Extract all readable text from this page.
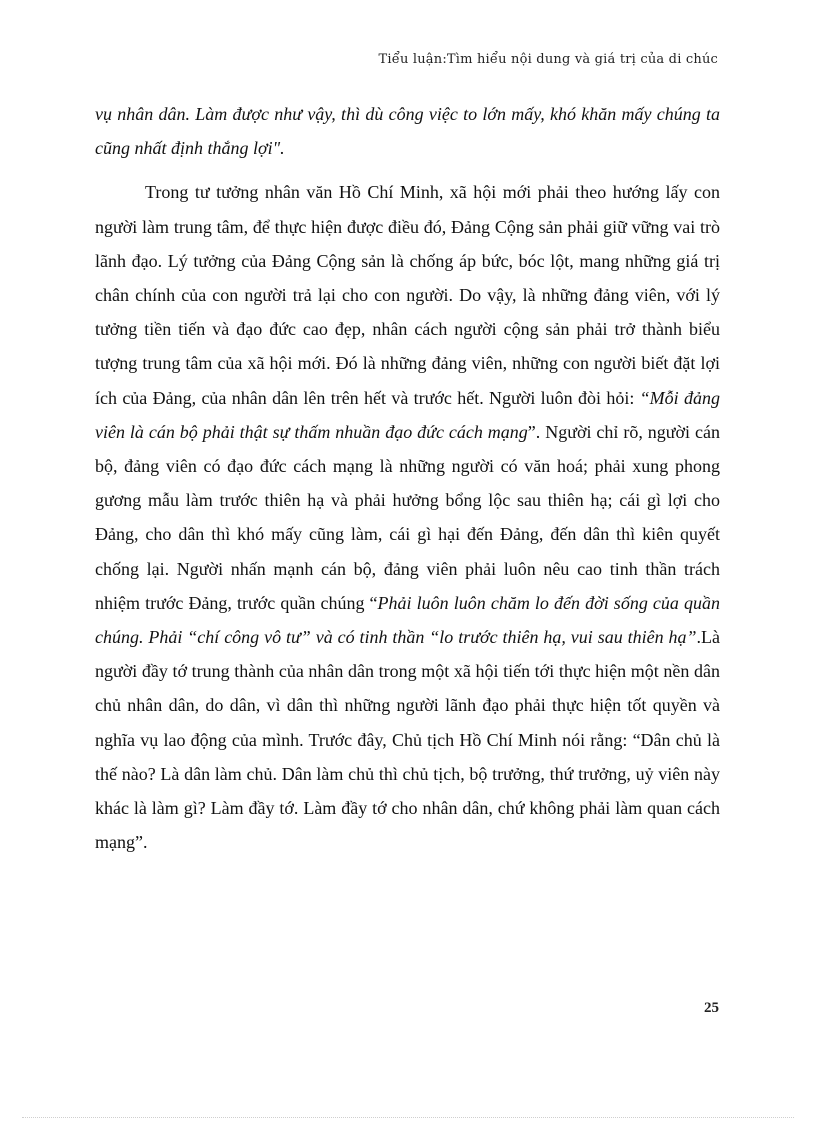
Tiểu luận:Tìm hiểu nội dung và giá trị của di chúc

vụ nhân dân. Làm được như vậy, thì dù công việc to lớn mấy, khó khăn mấy chúng ta cũng nhất định thắng lợi".

Trong tư tưởng nhân văn Hồ Chí Minh, xã hội mới phải theo hướng lấy con người làm trung tâm, để thực hiện được điều đó, Đảng Cộng sản phải giữ vững vai trò lãnh đạo. Lý tưởng của Đảng Cộng sản là chống áp bức, bóc lột, mang những giá trị chân chính của con người trả lại cho con người. Do vậy, là những đảng viên, với lý tưởng tiền tiến và đạo đức cao đẹp, nhân cách người cộng sản phải trở thành biểu tượng trung tâm của xã hội mới. Đó là những đảng viên, những con người biết đặt lợi ích của Đảng, của nhân dân lên trên hết và trước hết. Người luôn đòi hỏi: “Mỗi đảng viên là cán bộ phải thật sự thấm nhuần đạo đức cách mạng”. Người chỉ rõ, người cán bộ, đảng viên có đạo đức cách mạng là những người có văn hoá; phải xung phong gương mẫu làm trước thiên hạ và phải hưởng bổng lộc sau thiên hạ; cái gì lợi cho Đảng, cho dân thì khó mấy cũng làm, cái gì hại đến Đảng, đến dân thì kiên quyết chống lại. Người nhấn mạnh cán bộ, đảng viên phải luôn nêu cao tinh thần trách nhiệm trước Đảng, trước quần chúng “Phải luôn luôn chăm lo đến đời sống của quần chúng. Phải “chí công vô tư” và có tinh thần “lo trước thiên hạ, vui sau thiên hạ”.Là người đầy tớ trung thành của nhân dân trong một xã hội tiến tới thực hiện một nền dân chủ nhân dân, do dân, vì dân thì những người lãnh đạo phải thực hiện tốt quyền và nghĩa vụ lao động của mình. Trước đây, Chủ tịch Hồ Chí Minh nói rằng: “Dân chủ là thế nào? Là dân làm chủ. Dân làm chủ thì chủ tịch, bộ trưởng, thứ trưởng, uỷ viên này khác là làm gì? Làm đầy tớ. Làm đầy tớ cho nhân dân, chứ không phải làm quan cách mạng”.

25
